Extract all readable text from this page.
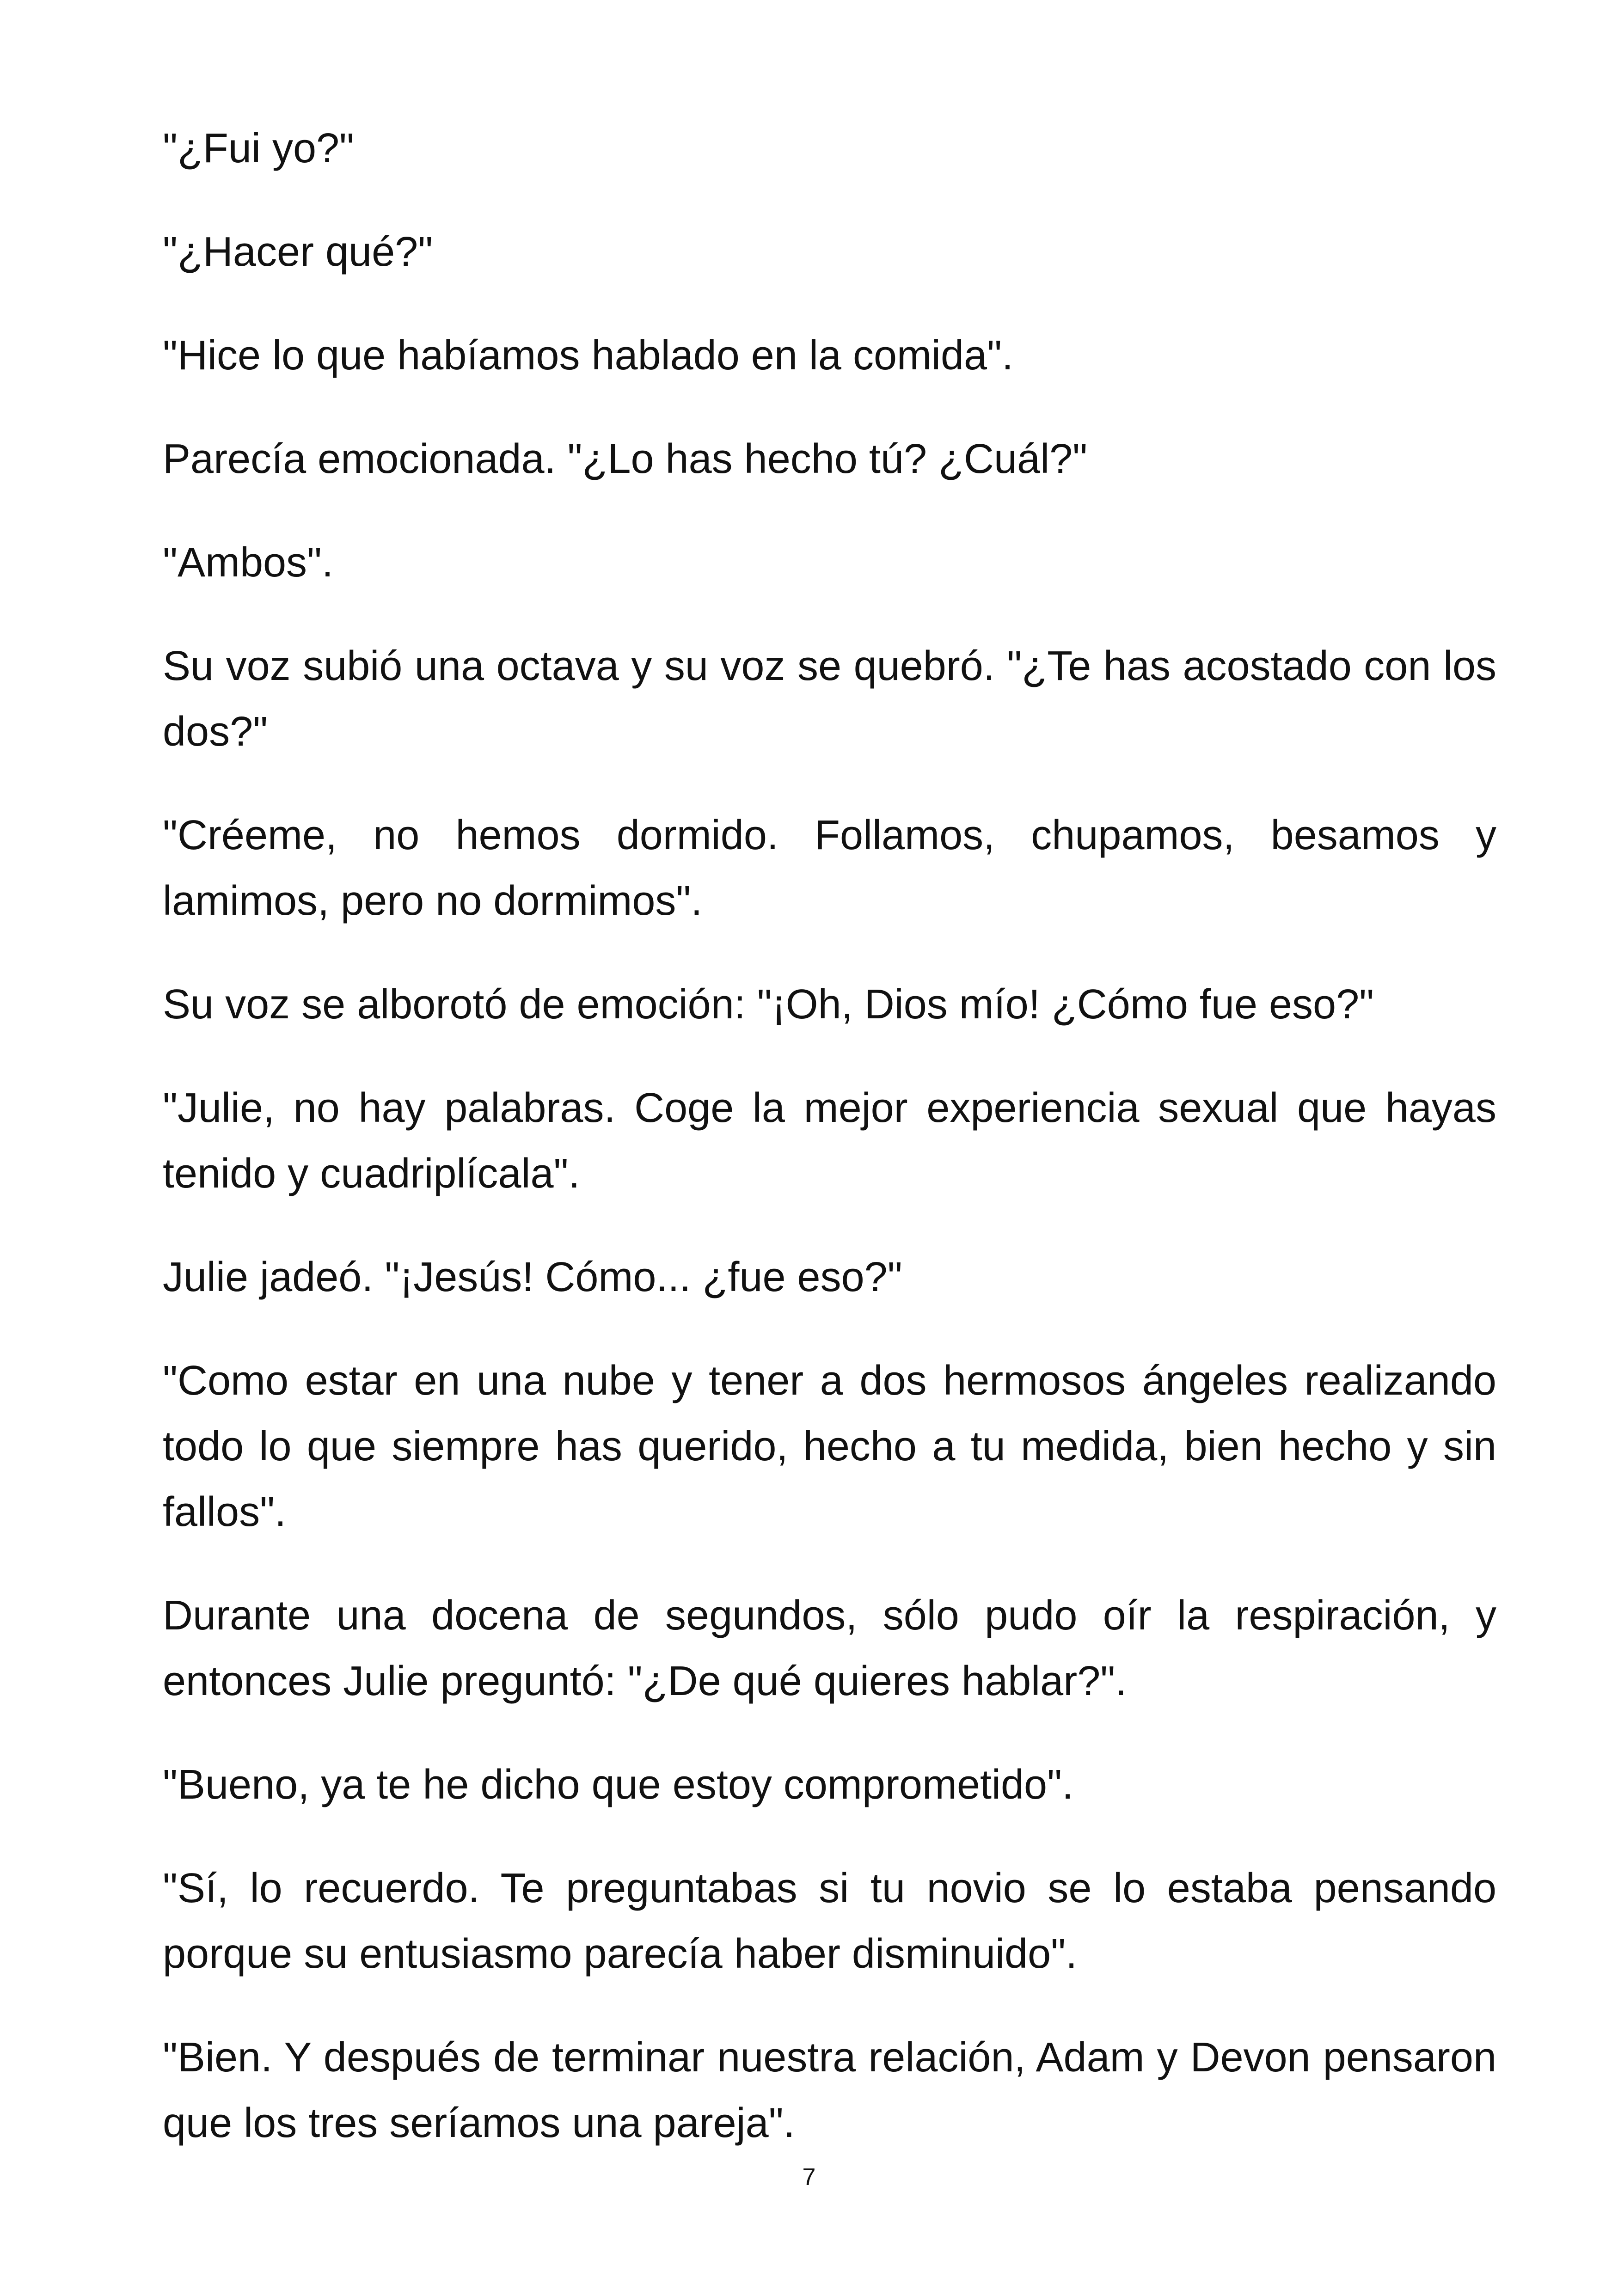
"¿Fui yo?"

"¿Hacer qué?"

"Hice lo que habíamos hablado en la comida".

Parecía emocionada. "¿Lo has hecho tú? ¿Cuál?"

"Ambos".

Su voz subió una octava y su voz se quebró. "¿Te has acostado con los dos?"

"Créeme, no hemos dormido. Follamos, chupamos, besamos y lamimos, pero no dormimos".

Su voz se alborotó de emoción: "¡Oh, Dios mío! ¿Cómo fue eso?"

"Julie, no hay palabras. Coge la mejor experiencia sexual que hayas tenido y cuadriplícala".

Julie jadeó. "¡Jesús! Cómo... ¿fue eso?"

"Como estar en una nube y tener a dos hermosos ángeles realizando todo lo que siempre has querido, hecho a tu medida, bien hecho y sin fallos".

Durante una docena de segundos, sólo pudo oír la respiración, y entonces Julie preguntó: "¿De qué quieres hablar?".

"Bueno, ya te he dicho que estoy comprometido".

"Sí, lo recuerdo. Te preguntabas si tu novio se lo estaba pensando porque su entusiasmo parecía haber disminuido".

"Bien. Y después de terminar nuestra relación, Adam y Devon pensaron que los tres seríamos una pareja".

7
